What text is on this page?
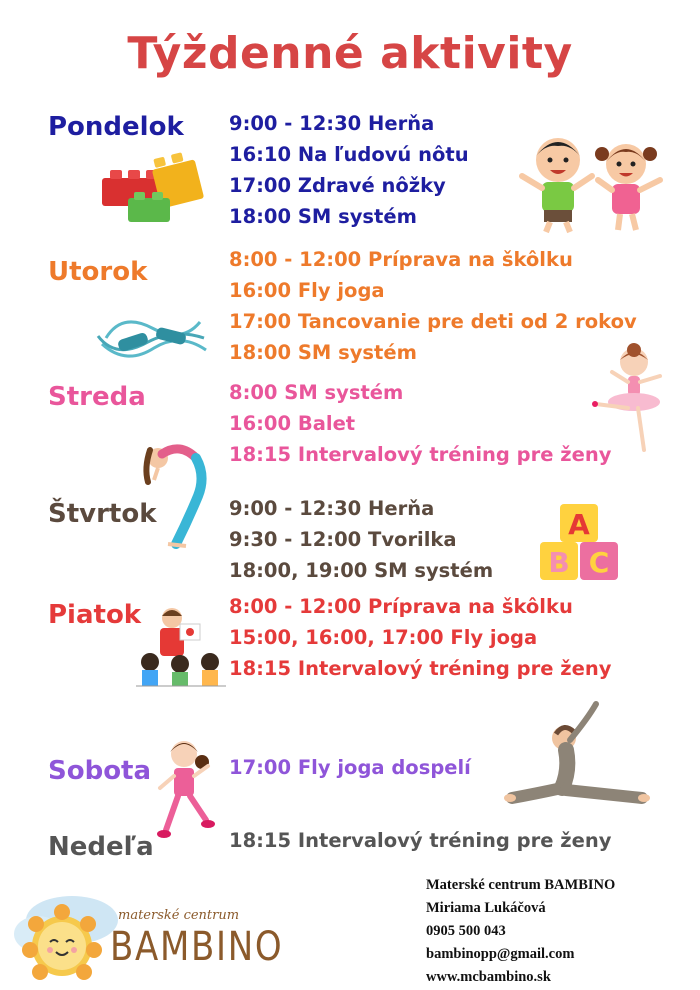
Týždenné aktivity
Pondelok 9:00 - 12:30 Herňa
16:10 Na ľudovú nôtu
17:00 Zdravé nôžky
18:00 SM systém
Utorok	8:00 - 12:00 Príprava na škôlku
16:00 Fly joga
17:00 Tancovanie pre deti od 2 rokov
18:00 SM systém
Streda	8:00 SM systém
16:00 Balet
18:15 Intervalový tréning pre ženy
Štvrtok	9:00 - 12:30 Herňa
9:30 - 12:00 Tvorilka
18:00, 19:00 SM systém
A
B C
Piatok	8:00 - 12:00 Príprava na škôlku
15:00, 16:00, 17:00 Fly joga
18:15 Intervalový tréning pre ženy
Sobota	17:00 Fly joga dospelí
Nedeľa	18:15 Intervalový tréning pre ženy
materské centrum
BAMBINO
Materské centrum BAMBINO
Miriama Lukáčová
0905 500 043
bambinopp@gmail.com
www.mcbambino.sk
